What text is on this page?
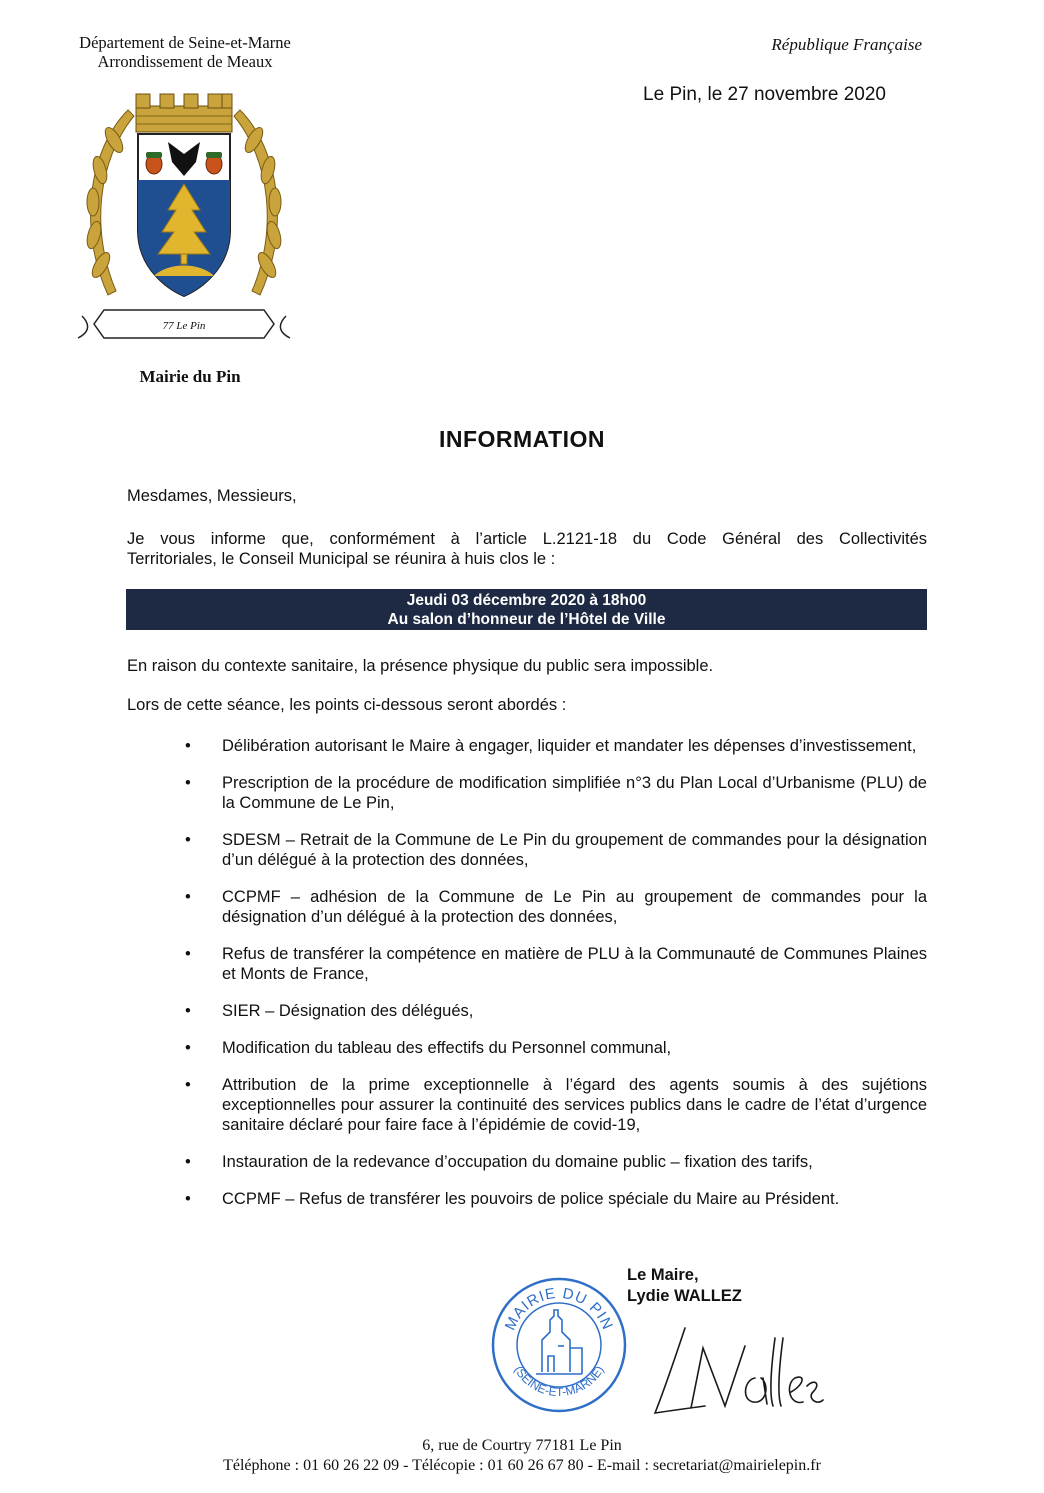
Département de Seine-et-Marne
Arrondissement de Meaux
République Française
Le Pin, le 27 novembre 2020
77 Le Pin
Mairie du Pin
INFORMATION
Mesdames, Messieurs,
Je vous informe que, conformément à l’article L.2121-18 du Code Général des Collectivités
Territoriales, le Conseil Municipal se réunira à huis clos le :
Jeudi 03 décembre 2020 à 18h00
Au salon d’honneur de l’Hôtel de Ville
En raison du contexte sanitaire, la présence physique du public sera impossible.
Lors de cette séance, les points ci-dessous seront abordés :
• Délibération autorisant le Maire à engager, liquider et mandater les dépenses d’investissement,
• Prescription de la procédure de modification simplifiée n°3 du Plan Local d’Urbanisme (PLU) de la Commune de Le Pin,
• SDESM – Retrait de la Commune de Le Pin du groupement de commandes pour la désignation d’un délégué à la protection des données,
• CCPMF – adhésion de la Commune de Le Pin au groupement de commandes pour la désignation d’un délégué à la protection des données,
• Refus de transférer la compétence en matière de PLU à la Communauté de Communes Plaines et Monts de France,
• SIER – Désignation des délégués,
• Modification du tableau des effectifs du Personnel communal,
• Attribution de la prime exceptionnelle à l’égard des agents soumis à des sujétions exceptionnelles pour assurer la continuité des services publics dans le cadre de l’état d’urgence sanitaire déclaré pour faire face à l’épidémie de covid-19,
• Instauration de la redevance d’occupation du domaine public – fixation des tarifs,
• CCPMF – Refus de transférer les pouvoirs de police spéciale du Maire au Président.
Le Maire,
Lydie WALLEZ
MAIRIE DU PIN
(SEINE-ET-MARNE)
6, rue de Courtry 77181 Le Pin
Téléphone : 01 60 26 22 09 - Télécopie : 01 60 26 67 80 - E-mail : secretariat@mairielepin.fr
